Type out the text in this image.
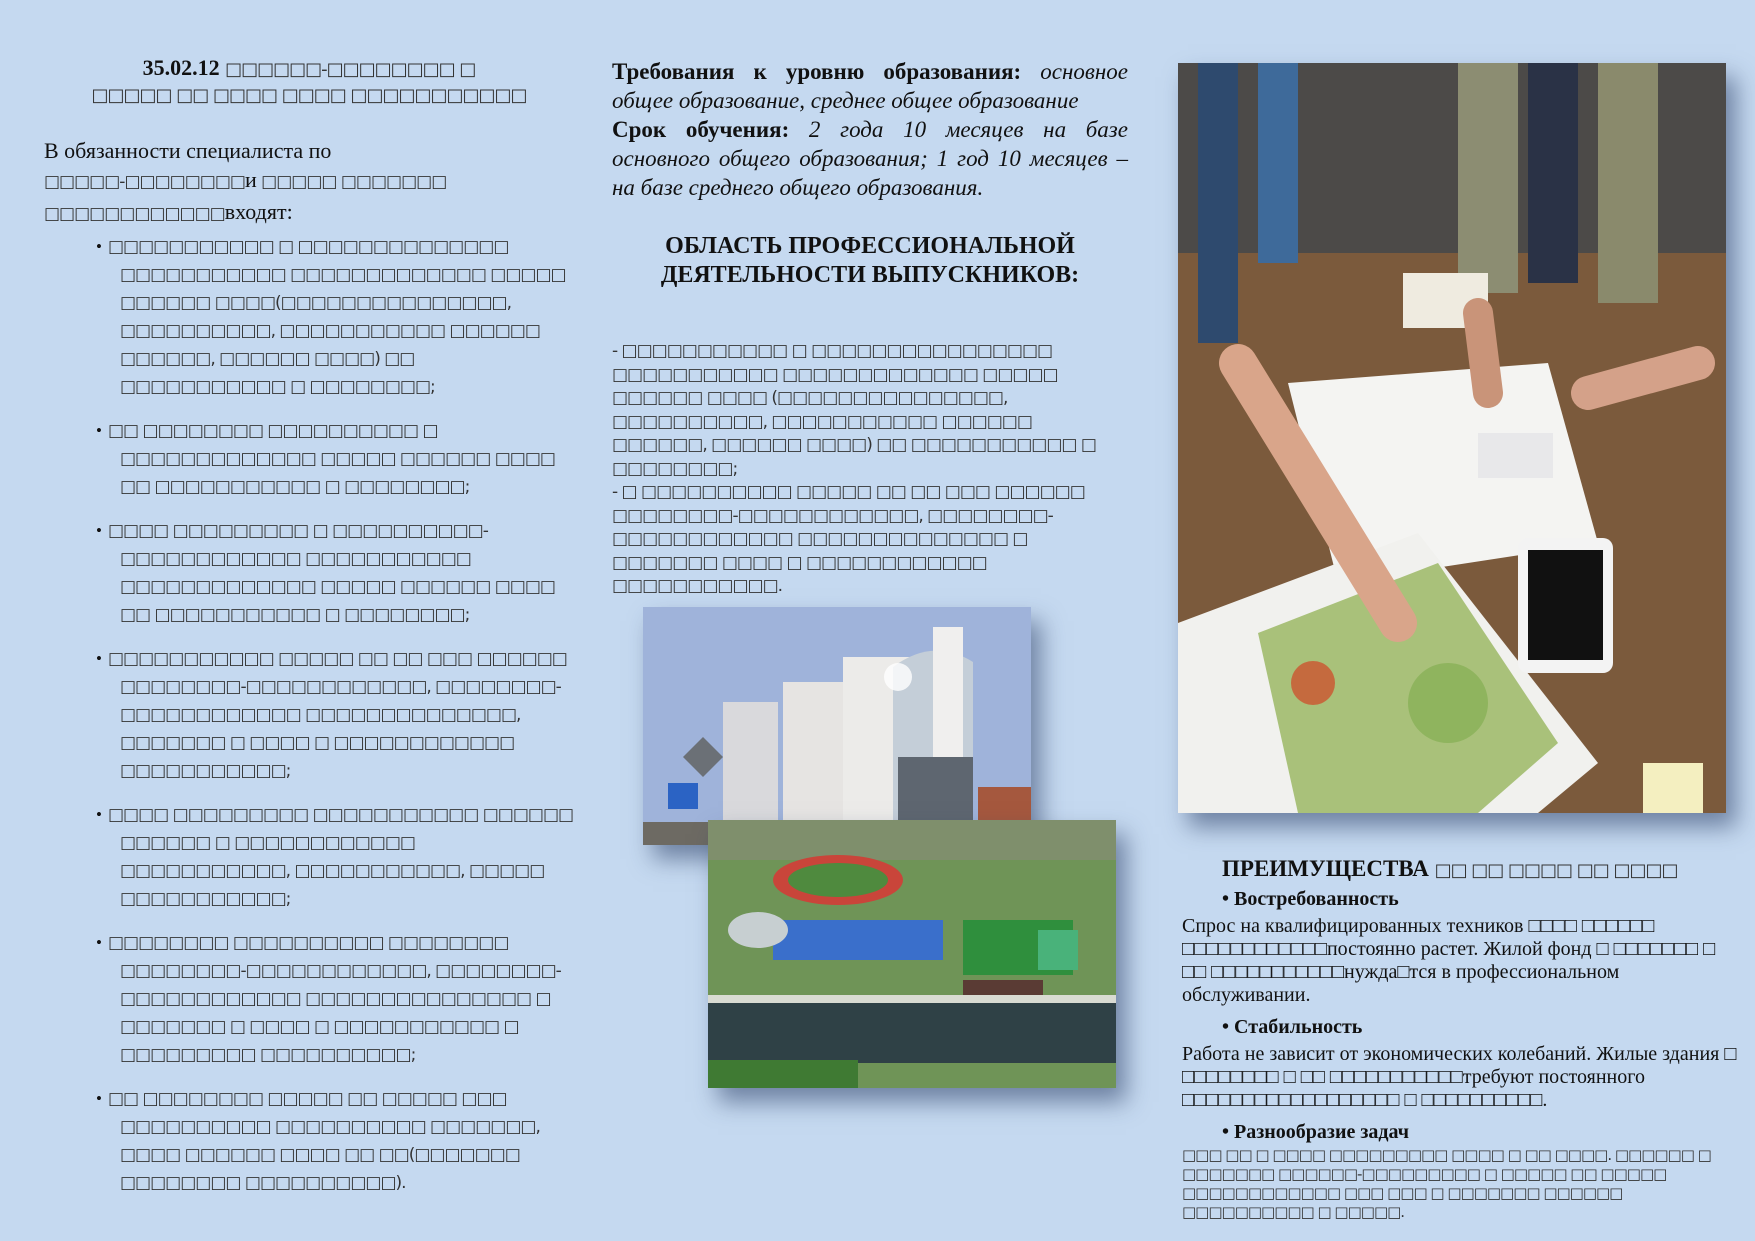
35.02.12 □□□□□□-□□□□□□□□ □
□□□□□ □□ □□□□ □□□□ □□□□□□□□□□□

В обязанности специалиста по
□□□□□-□□□□□□□□и □□□□□ □□□□□□□
□□□□□□□□□□□□входят:

• □□□□□□□□□□□ □ □□□□□□□□□□□□□□ □□□□□□□□□□□ □□□□□□□□□□□□□ □□□□□ □□□□□□ □□□□(□□□□□□□□□□□□□□□, □□□□□□□□□□, □□□□□□□□□□□ □□□□□□ □□□□□□, □□□□□□ □□□□) □□ □□□□□□□□□□□ □ □□□□□□□□;
• □□ □□□□□□□□ □□□□□□□□□□ □ □□□□□□□□□□□□□ □□□□□ □□□□□□ □□□□ □□ □□□□□□□□□□□ □ □□□□□□□□;
• □□□□ □□□□□□□□□ □ □□□□□□□□□□-□□□□□□□□□□□□ □□□□□□□□□□□ □□□□□□□□□□□□□ □□□□□ □□□□□□ □□□□ □□ □□□□□□□□□□□ □ □□□□□□□□;
• □□□□□□□□□□□ □□□□□ □□ □□ □□□ □□□□□□ □□□□□□□□-□□□□□□□□□□□□, □□□□□□□□-□□□□□□□□□□□□ □□□□□□□□□□□□□□, □□□□□□□ □ □□□□ □ □□□□□□□□□□□□ □□□□□□□□□□□;
• □□□□ □□□□□□□□□ □□□□□□□□□□□ □□□□□□ □□□□□□ □ □□□□□□□□□□□□ □□□□□□□□□□□, □□□□□□□□□□□, □□□□□ □□□□□□□□□□□;
• □□□□□□□□ □□□□□□□□□□ □□□□□□□□ □□□□□□□□-□□□□□□□□□□□□, □□□□□□□□-□□□□□□□□□□□□ □□□□□□□□□□□□□□□ □ □□□□□□□ □ □□□□ □ □□□□□□□□□□□ □ □□□□□□□□□ □□□□□□□□□□;
• □□ □□□□□□□□ □□□□□ □□ □□□□□ □□□ □□□□□□□□□□ □□□□□□□□□□ □□□□□□□, □□□□ □□□□□□ □□□□ □□ □□(□□□□□□□ □□□□□□□□ □□□□□□□□□□).

Требования к уровню образования: основное общее образование, среднее общее образование
Срок обучения: 2 года 10 месяцев на базе основного общего образования; 1 год 10 месяцев – на базе среднего общего образования.

ОБЛАСТЬ ПРОФЕССИОНАЛЬНОЙ
ДЕЯТЕЛЬНОСТИ ВЫПУСКНИКОВ:

- □□□□□□□□□□□ □ □□□□□□□□□□□□□□□□ □□□□□□□□□□□ □□□□□□□□□□□□□ □□□□□ □□□□□□ □□□□ (□□□□□□□□□□□□□□□, □□□□□□□□□□, □□□□□□□□□□□ □□□□□□ □□□□□□, □□□□□□ □□□□) □□ □□□□□□□□□□□ □ □□□□□□□□;

- □ □□□□□□□□□□ □□□□□ □□ □□ □□□ □□□□□□ □□□□□□□□-□□□□□□□□□□□□, □□□□□□□□-□□□□□□□□□□□□ □□□□□□□□□□□□□□ □ □□□□□□□ □□□□ □ □□□□□□□□□□□□ □□□□□□□□□□□.

ПРЕИМУЩЕСТВА □□ □□ □□□□ □□ □□□□

• Востребованность

Спрос на квалифицированных техников □□□□ □□□□□□ □□□□□□□□□□□□постоянно растет. Жилой фонд □ □□□□□□□ □ □□ □□□□□□□□□□□нужда□тся в профессиональном обслуживании.

• Стабильность

Работа не зависит от экономических колебаний. Жилые здания □ □□□□□□□□ □ □□ □□□□□□□□□□□требуют постоянного □□□□□□□□□□□□□□□□□□ □ □□□□□□□□□□.

• Разнообразие задач

□□□ □□ □ □□□□ □□□□□□□□□ □□□□ □ □□ □□□□. □□□□□□ □ □□□□□□□ □□□□□□-□□□□□□□□□ □ □□□□□ □□ □□□□□ □□□□□□□□□□□□ □□□ □□□ □ □□□□□□□ □□□□□□ □□□□□□□□□□ □ □□□□□.
